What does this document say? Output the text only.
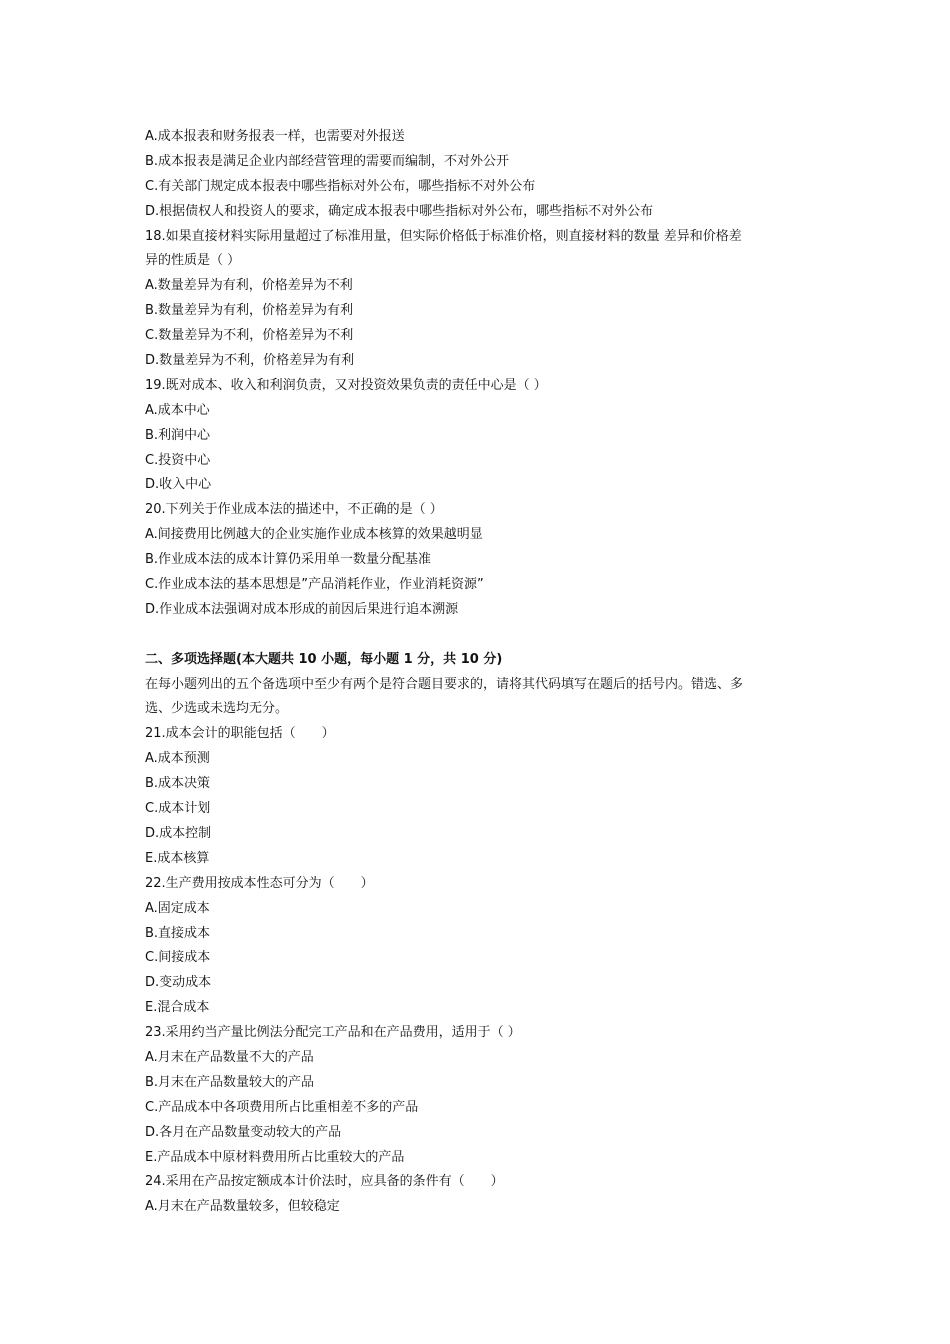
A.成本报表和财务报表一样，也需要对外报送
B.成本报表是满足企业内部经营管理的需要而编制，不对外公开
C.有关部门规定成本报表中哪些指标对外公布，哪些指标不对外公布
D.根据债权人和投资人的要求，确定成本报表中哪些指标对外公布，哪些指标不对外公布
18.如果直接材料实际用量超过了标准用量，但实际价格低于标准价格，则直接材料的数量 差异和价格差
异的性质是（ ）
A.数量差异为有利，价格差异为不利
B.数量差异为有利，价格差异为有利
C.数量差异为不利，价格差异为不利
D.数量差异为不利，价格差异为有利
19.既对成本、收入和利润负责，又对投资效果负责的责任中心是（ ）
A.成本中心
B.利润中心
C.投资中心
D.收入中心
20.下列关于作业成本法的描述中，不正确的是（ ）
A.间接费用比例越大的企业实施作业成本核算的效果越明显
B.作业成本法的成本计算仍采用单一数量分配基准
C.作业成本法的基本思想是”产品消耗作业，作业消耗资源”
D.作业成本法强调对成本形成的前因后果进行追本溯源
二、多项选择题(本大题共 10 小题，每小题 1 分，共 10 分)
在每小题列出的五个备选项中至少有两个是符合题目要求的，请将其代码填写在题后的括号内。错选、多
选、少选或未选均无分。
21.成本会计的职能包括（　　）
A.成本预测
B.成本决策
C.成本计划
D.成本控制
E.成本核算
22.生产费用按成本性态可分为（　　）
A.固定成本
B.直接成本
C.间接成本
D.变动成本
E.混合成本
23.采用约当产量比例法分配完工产品和在产品费用，适用于（ ）
A.月末在产品数量不大的产品
B.月末在产品数量较大的产品
C.产品成本中各项费用所占比重相差不多的产品
D.各月在产品数量变动较大的产品
E.产品成本中原材料费用所占比重较大的产品
24.采用在产品按定额成本计价法时，应具备的条件有（　　）
A.月末在产品数量较多，但较稳定
